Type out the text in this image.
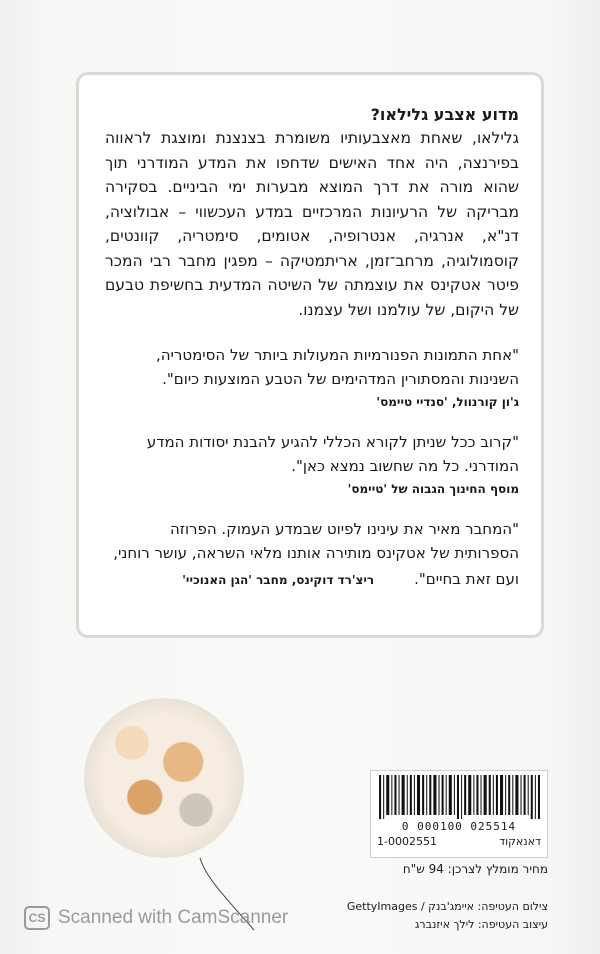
מדוע אצבע גלילאו?
גלילאו, שאחת מאצבעותיו משומרת בצנצנת ומוצגת לראווה בפירנצה, היה אחד האישים שדחפו את המדע המודרני תוך שהוא מורה את דרך המוצא מבערות ימי הביניים. בסקירה מבריקה של הרעיונות המרכזיים במדע העכשווי – אבולוציה, דנ"א, אנרגיה, אנטרופיה, אטומים, סימטריה, קוונטים, קוסמולוגיה, מרחב־זמן, אריתמטיקה – מפגין מחבר רבי המכר פיטר אטקינס את עוצמתה של השיטה המדעית בחשיפת טבעם של היקום, של עולמנו ושל עצמנו.
"אחת התמונות הפנורמיות המעולות ביותר של הסימטריה, השנינות והמסתורין המדהימים של הטבע המוצעות כיום".
ג'ון קורנוול, 'סנדיי טיימס'
"קרוב ככל שניתן לקורא הכללי להגיע להבנת יסודות המדע המודרני. כל מה שחשוב נמצא כאן".
מוסף החינוך הגבוה של 'טיימס'
"המחבר מאיר את עינינו לפיוט שבמדע העמוק. הפרוזה הספרותית של אטקינס מותירה אותנו מלאי השראה, עושר רוחני, ועם זאת בחיים".ריצ'רד דוקינס, מחבר 'הגן האנוכיי'
0 000100 025514
דאנאקוד
1-0002551
מחיר מומלץ לצרכן: 94 ש"ח
צילום העטיפה: איימג'בנק / GettyImages
עיצוב העטיפה: לילך איזנברג
CS Scanned with CamScanner
